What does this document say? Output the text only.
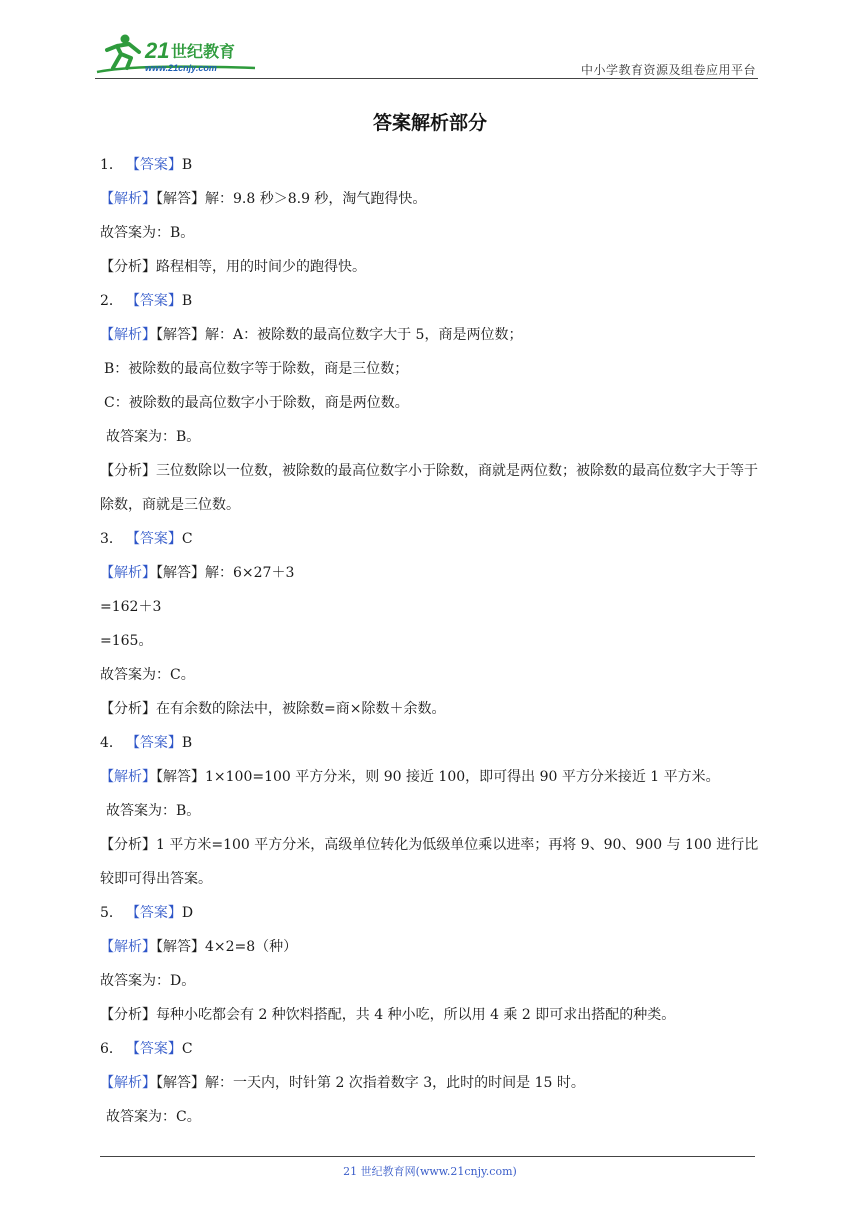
21 世纪教育
www.21cnjy.com	中小学教育资源及组卷应用平台
答案解析部分
1． 【答案】B
【解析】【解答】解：9.8 秒＞8.9 秒，淘气跑得快。
故答案为：B。
【分析】路程相等，用的时间少的跑得快。
2． 【答案】B
【解析】【解答】解：A：被除数的最高位数字大于 5，商是两位数；
B：被除数的最高位数字等于除数，商是三位数；
C：被除数的最高位数字小于除数，商是两位数。
故答案为：B。
【分析】三位数除以一位数，被除数的最高位数字小于除数，商就是两位数；被除数的最高位数字大于等于除数，商就是三位数。
3． 【答案】C
【解析】【解答】解：6×27＋3
=162＋3
=165。
故答案为：C。
【分析】在有余数的除法中，被除数=商×除数＋余数。
4． 【答案】B
【解析】【解答】1×100=100 平方分米，则 90 接近 100，即可得出 90 平方分米接近 1 平方米。
故答案为：B。
【分析】1 平方米=100 平方分米，高级单位转化为低级单位乘以进率；再将 9、90、900 与 100 进行比较即可得出答案。
5． 【答案】D
【解析】【解答】4×2=8（种）
故答案为：D。
【分析】每种小吃都会有 2 种饮料搭配，共 4 种小吃，所以用 4 乘 2 即可求出搭配的种类。
6． 【答案】C
【解析】【解答】解：一天内，时针第 2 次指着数字 3，此时的时间是 15 时。
故答案为：C。
21 世纪教育网(www.21cnjy.com)
